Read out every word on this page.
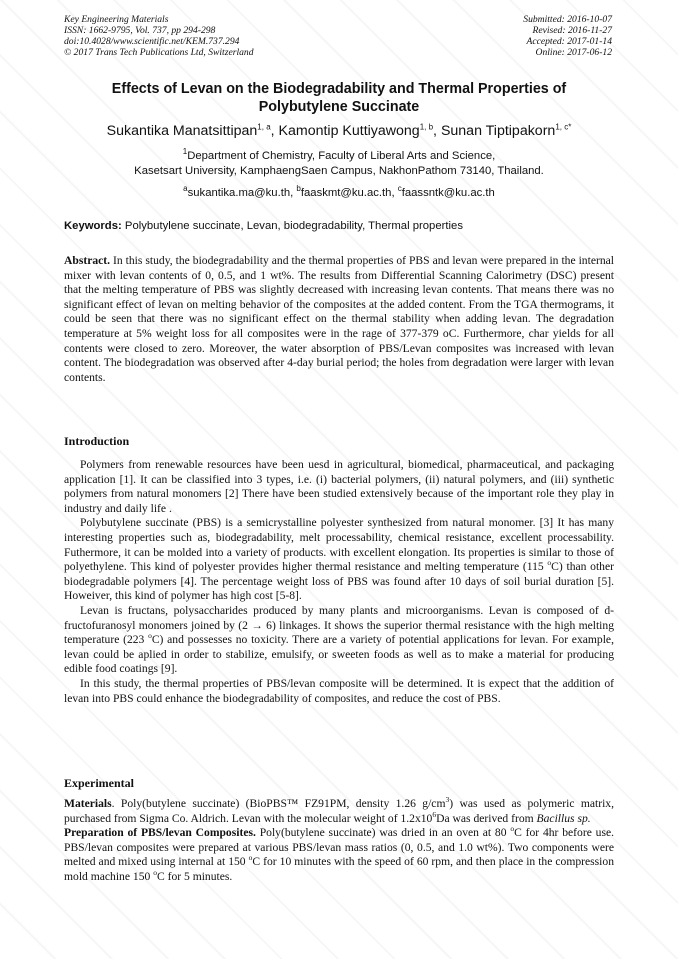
Key Engineering Materials
ISSN: 1662-9795, Vol. 737, pp 294-298
doi:10.4028/www.scientific.net/KEM.737.294
© 2017 Trans Tech Publications Ltd, Switzerland
Submitted: 2016-10-07
Revised: 2016-11-27
Accepted: 2017-01-14
Online: 2017-06-12
Effects of Levan on the Biodegradability and Thermal Properties of
Polybutylene Succinate
Sukantika Manatsittipan$^{1, a}$, Kamontip Kuttiyawong$^{1, b}$, Sunan Tiptipakorn$^{1, c*}$
$^1$Department of Chemistry, Faculty of Liberal Arts and Science,
Kasetsart University, KamphaengSaen Campus, NakhonPathom 73140, Thailand.
$^a$sukantika.ma@ku.th, $^b$faaskmt@ku.ac.th, $^c$faassntk@ku.ac.th
Keywords: Polybutylene succinate, Levan, biodegradability, Thermal properties

Abstract. In this study, the biodegradability and the thermal properties of PBS and levan were prepared in the internal mixer with levan contents of 0, 0.5, and 1 wt%. The results from Differential Scanning Calorimetry (DSC) present that the melting temperature of PBS was slightly decreased with increasing levan contents. That means there was no significant effect of levan on melting behavior of the composites at the added content. From the TGA thermograms, it could be seen that there was no significant effect on the thermal stability when adding levan. The degradation temperature at 5% weight loss for all composites were in the rage of 377-379 oC. Furthermore, char yields for all contents were closed to zero. Moreover, the water absorption of PBS/Levan composites was increased with levan content. The biodegradation was observed after 4-day burial period; the holes from degradation were larger with levan contents.

Introduction

Polymers from renewable resources have been uesd in agricultural, biomedical, pharmaceutical, and packaging application [1]. It can be classified into 3 types, i.e. (i) bacterial polymers, (ii) natural polymers, and (iii) synthetic polymers from natural monomers [2] There have been studied extensively because of the important role they play in industry and daily life .

Polybutylene succinate (PBS) is a semicrystalline polyester synthesized from natural monomer. [3] It has many interesting properties such as, biodegradability, melt processability, chemical resistance, excellent processability. Futhermore, it can be molded into a variety of products. with excellent elongation. Its properties is similar to those of polyethylene. This kind of polyester provides higher thermal resistance and melting temperature (115 $^o$C) than other biodegradable polymers [4]. The percentage weight loss of PBS was found after 10 days of soil burial duration [5]. Howeiver, this kind of polymer has high cost [5-8].

Levan is fructans, polysaccharides produced by many plants and microorganisms. Levan is composed of d-fructofuranosyl monomers joined by (2 → 6) linkages. It shows the superior thermal resistance with the high melting temperature (223 $^o$C) and possesses no toxicity. There are a variety of potential applications for levan. For example, levan could be aplied in order to stabilize, emulsify, or sweeten foods as well as to make a material for producing edible food coatings [9].

In this study, the thermal properties of PBS/levan composite will be determined. It is expect that the addition of levan into PBS could enhance the biodegradability of composites, and reduce the cost of PBS.

Experimental

Materials. Poly(butylene succinate) (BioPBS™ FZ91PM, density 1.26 $g/cm^3$) was used as polymeric matrix, purchased from Sigma Co. Aldrich. Levan with the molecular weight of $1.2x10^6Da$ was derived from Bacillus sp.

Preparation of PBS/levan Composites. Poly(butylene succinate) was dried in an oven at 80 $^o$C for 4hr before use. PBS/levan composites were prepared at various PBS/levan mass ratios (0, 0.5, and 1.0 wt%). Two components were melted and mixed using internal at 150 $^o$C for 10 minutes with the speed of 60 rpm, and then place in the compression mold machine 150 $^o$C for 5 minutes.
